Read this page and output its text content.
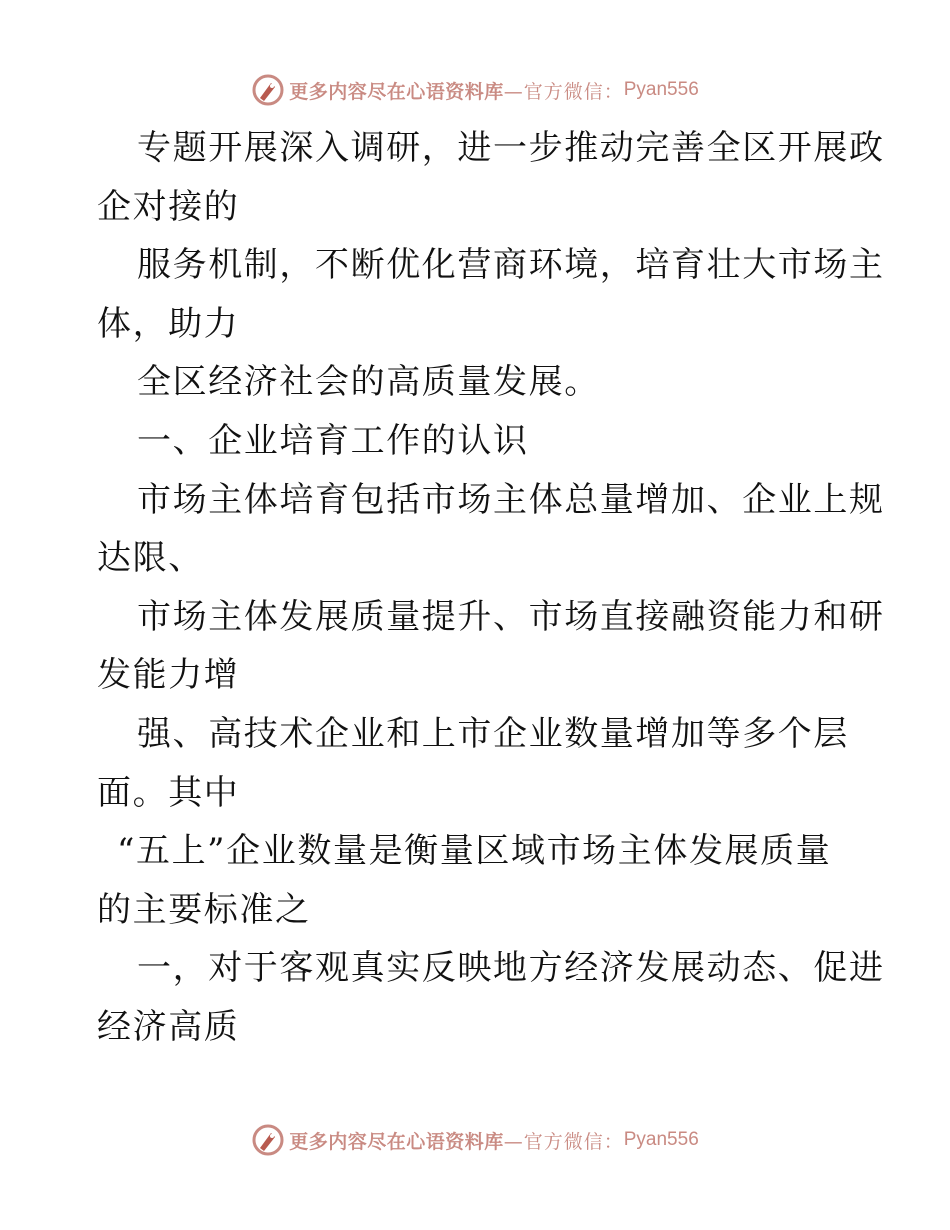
更多内容尽在心语资料库 —官方微信： Pyan556
专题开展深入调研，进一步推动完善全区开展政
企对接的
服务机制，不断优化营商环境，培育壮大市场主
体，助力
全区经济社会的高质量发展。
一、企业培育工作的认识
市场主体培育包括市场主体总量增加、企业上规
达限、
市场主体发展质量提升、市场直接融资能力和研
发能力增
强、高技术企业和上市企业数量增加等多个层
面。其中
“五上”企业数量是衡量区域市场主体发展质量
的主要标准之
一，对于客观真实反映地方经济发展动态、促进
经济高质
更多内容尽在心语资料库 —官方微信： Pyan556
